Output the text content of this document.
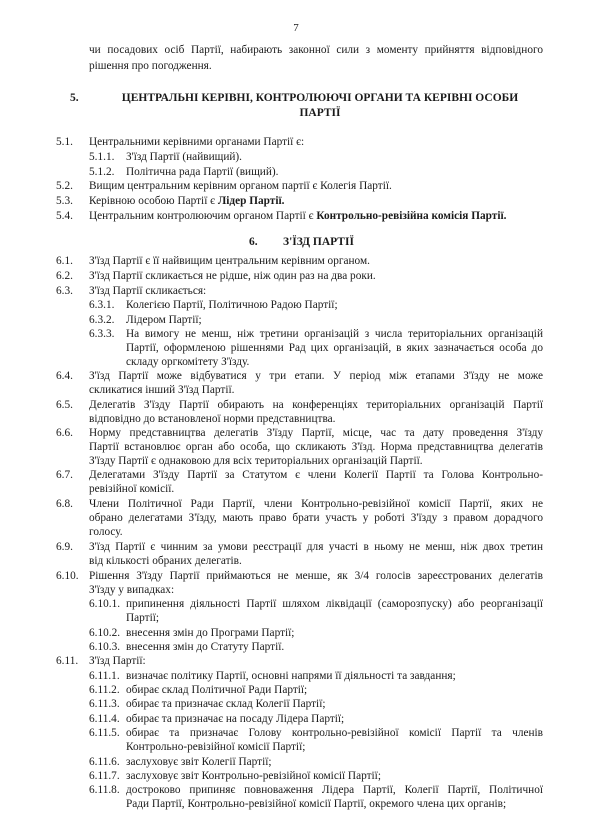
7
чи посадових осіб Партії, набирають законної сили з моменту прийняття відповідного
рішення про погодження.
5.	ЦЕНТРАЛЬНІ КЕРІВНІ, КОНТРОЛЮЮЧІ ОРГАНИ ТА КЕРІВНІ ОСОБИ
ПАРТІЇ
5.1. Центральними керівними органами Партії є:
5.1.1. З'їзд Партії (найвищий).
5.1.2. Політична рада Партії (вищий).
5.2. Вищим центральним керівним органом партії є Колегія Партії.
5.3. Керівною особою Партії є Лідер Партії.
5.4. Центральним контролюючим органом Партії є Контрольно-ревізійна комісія Партії.
6. З'ЇЗД ПАРТІЇ
6.1. З'їзд Партії є її найвищим центральним керівним органом.
6.2. З'їзд Партії скликається не рідше, ніж один раз на два роки.
6.3. З'їзд Партії скликається:
6.3.1. Колегією Партії, Політичною Радою Партії;
6.3.2. Лідером Партії;
6.3.3. На вимогу не менш, ніж третини організацій з числа територіальних організацій
Партії, оформленою рішеннями Рад цих організацій, в яких зазначається особа до
складу оргкомітету З'їзду.
6.4. З'їзд Партії може відбуватися у три етапи. У період між етапами З'їзду не може
скликатися інший З'їзд Партії.
6.5. Делегатів З'їзду Партії обирають на конференціях територіальних організацій Партії
відповідно до встановленої норми представництва.
6.6. Норму представництва делегатів З'їзду Партії, місце, час та дату проведення З'їзду
Партії встановлює орган або особа, що скликають З'їзд. Норма представництва делегатів
З'їзду Партії є однаковою для всіх територіальних організацій Партії.
6.7. Делегатами З'їзду Партії за Статутом є члени Колегії Партії та Голова Контрольно-
ревізійної комісії.
6.8. Члени Політичної Ради Партії, члени Контрольно-ревізійної комісії Партії, яких не
обрано делегатами З'їзду, мають право брати участь у роботі З'їзду з правом дорадчого
голосу.
6.9. З'їзд Партії є чинним за умови реєстрації для участі в ньому не менш, ніж двох третин
від кількості обраних делегатів.
6.10. Рішення З'їзду Партії приймаються не менше, як 3/4 голосів зареєстрованих делегатів
З'їзду у випадках:
6.10.1. припинення діяльності Партії шляхом ліквідації (саморозпуску) або реорганізації
Партії;
6.10.2. внесення змін до Програми Партії;
6.10.3. внесення змін до Статуту Партії.
6.11. З'їзд Партії:
6.11.1. визначає політику Партії, основні напрями її діяльності та завдання;
6.11.2. обирає склад Політичної Ради Партії;
6.11.3. обирає та призначає склад Колегії Партії;
6.11.4. обирає та призначає на посаду Лідера Партії;
6.11.5. обирає та призначає Голову контрольно-ревізійної комісії Партії та членів
Контрольно-ревізійної комісії Партії;
6.11.6. заслуховує звіт Колегії Партії;
6.11.7. заслуховує звіт Контрольно-ревізійної комісії Партії;
6.11.8. достроково припиняє повноваження Лідера Партії, Колегії Партії, Політичної
Ради Партії, Контрольно-ревізійної комісії Партії, окремого члена цих органів;
